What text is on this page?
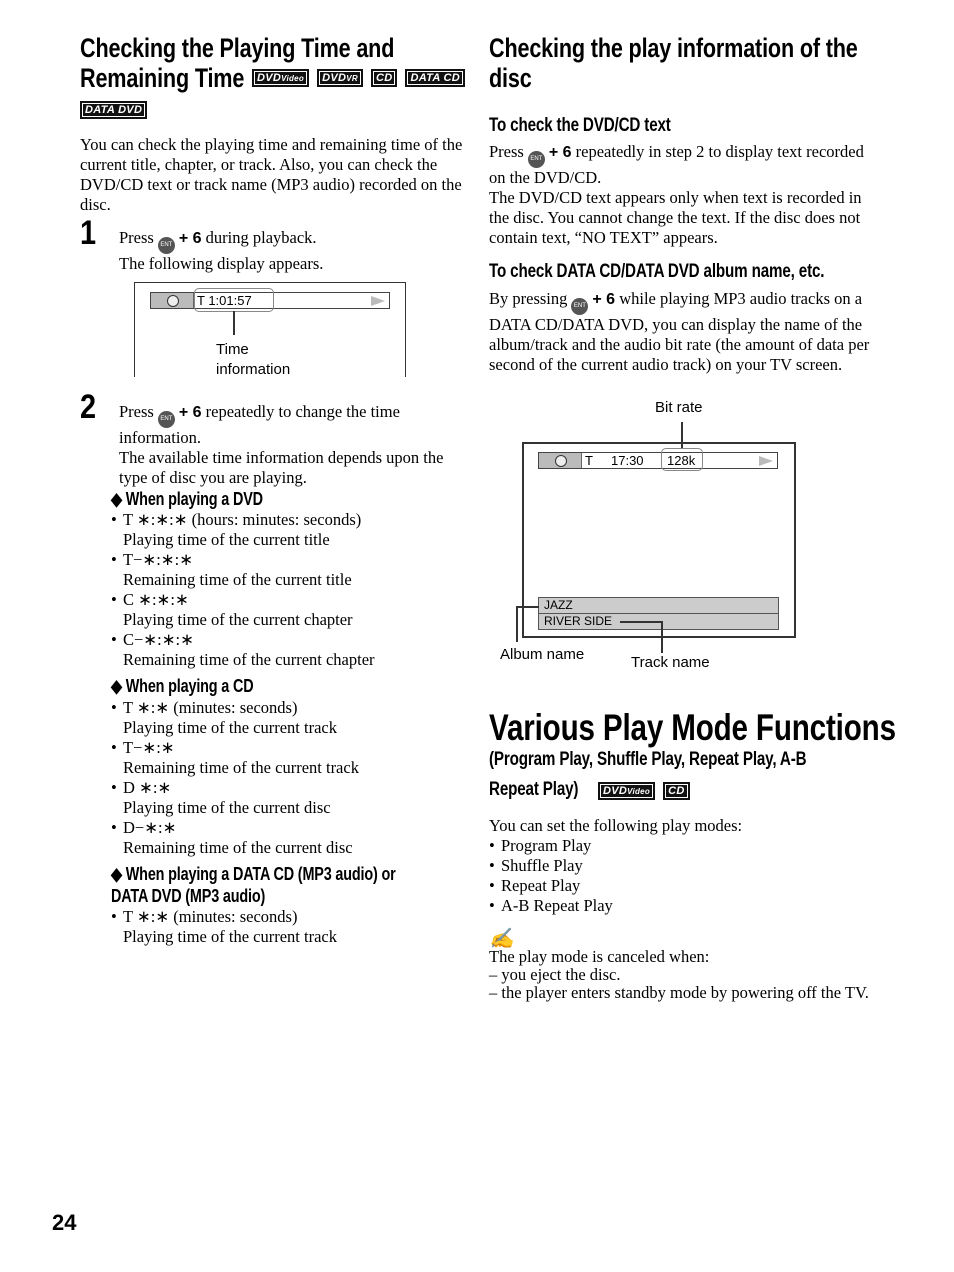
Checking the Playing Time and
Remaining Time	DVDVideo DVDVR CD DATA CD
DATA DVD
You can check the playing time and remaining time of the current title, chapter, or track. Also, you can check the DVD/CD text or track name (MP3 audio) recorded on the disc.
1 Press ENT + 6 during playback.
The following display appears.
T 1:01:57
Time
information
2 Press ENT + 6 repeatedly to change the time information.
The available time information depends upon the type of disc you are playing.
◆ When playing a DVD
• T ∗:∗:∗ (hours: minutes: seconds)
Playing time of the current title
• T−∗:∗:∗
Remaining time of the current title
• C ∗:∗:∗
Playing time of the current chapter
• C−∗:∗:∗
Remaining time of the current chapter
◆ When playing a CD
• T ∗:∗ (minutes: seconds)
Playing time of the current track
• T−∗:∗
Remaining time of the current track
• D ∗:∗
Playing time of the current disc
• D−∗:∗
Remaining time of the current disc
◆ When playing a DATA CD (MP3 audio) or
DATA DVD (MP3 audio)
• T ∗:∗ (minutes: seconds)
Playing time of the current track
Checking the play information of the
disc
To check the DVD/CD text
Press ENT + 6 repeatedly in step 2 to display text recorded on the DVD/CD.
The DVD/CD text appears only when text is recorded in the disc. You cannot change the text. If the disc does not contain text, “NO TEXT” appears.
To check DATA CD/DATA DVD album name, etc.
By pressing ENT + 6 while playing MP3 audio tracks on a DATA CD/DATA DVD, you can display the name of the album/track and the audio bit rate (the amount of data per second of the current audio track) on your TV screen.
Bit rate
T 17:30 128k
JAZZ
RIVER SIDE
Album name	Track name
Various Play Mode Functions
(Program Play, Shuffle Play, Repeat Play, A-B
Repeat Play)	DVDVideo CD
You can set the following play modes:
• Program Play
• Shuffle Play
• Repeat Play
• A-B Repeat Play
✍
The play mode is canceled when:
– you eject the disc.
– the player enters standby mode by powering off the TV.
24
